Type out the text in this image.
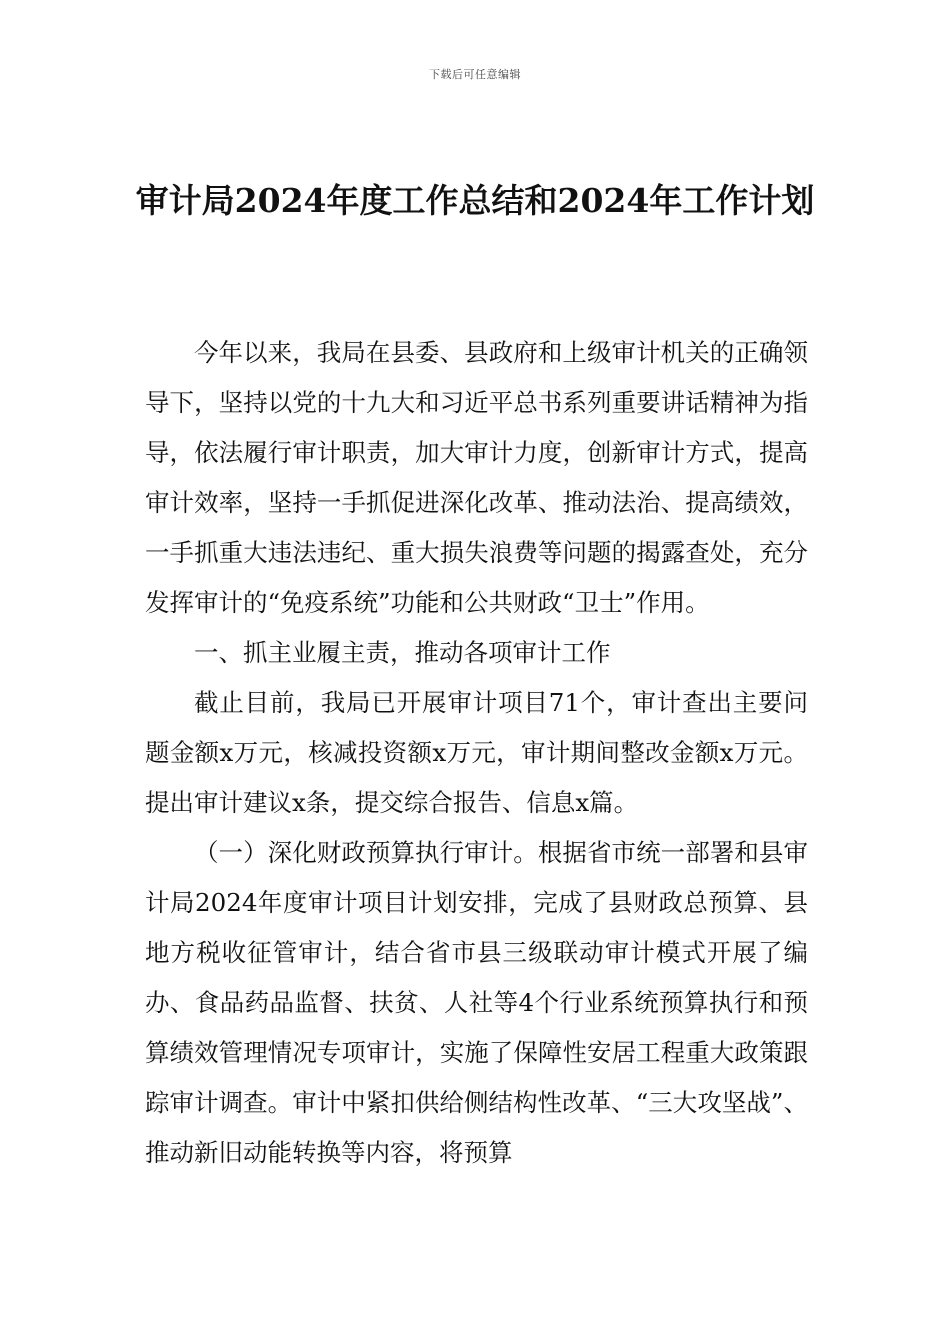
下载后可任意编辑
审计局2024年度工作总结和2024年工作计划

今年以来，我局在县委、县政府和上级审计机关的正确领导下，坚持以党的十九大和习近平总书系列重要讲话精神为指导，依法履行审计职责，加大审计力度，创新审计方式，提高审计效率，坚持一手抓促进深化改革、推动法治、提高绩效，一手抓重大违法违纪、重大损失浪费等问题的揭露查处，充分发挥审计的“免疫系统”功能和公共财政“卫士”作用。

一、抓主业履主责，推动各项审计工作

截止目前，我局已开展审计项目71个，审计查出主要问题金额x万元，核减投资额x万元，审计期间整改金额x万元。提出审计建议x条，提交综合报告、信息x篇。

（一）深化财政预算执行审计。根据省市统一部署和县审计局2024年度审计项目计划安排，完成了县财政总预算、县地方税收征管审计，结合省市县三级联动审计模式开展了编办、食品药品监督、扶贫、人社等4个行业系统预算执行和预算绩效管理情况专项审计，实施了保障性安居工程重大政策跟踪审计调查。审计中紧扣供给侧结构性改革、“三大攻坚战”、推动新旧动能转换等内容，将预算
